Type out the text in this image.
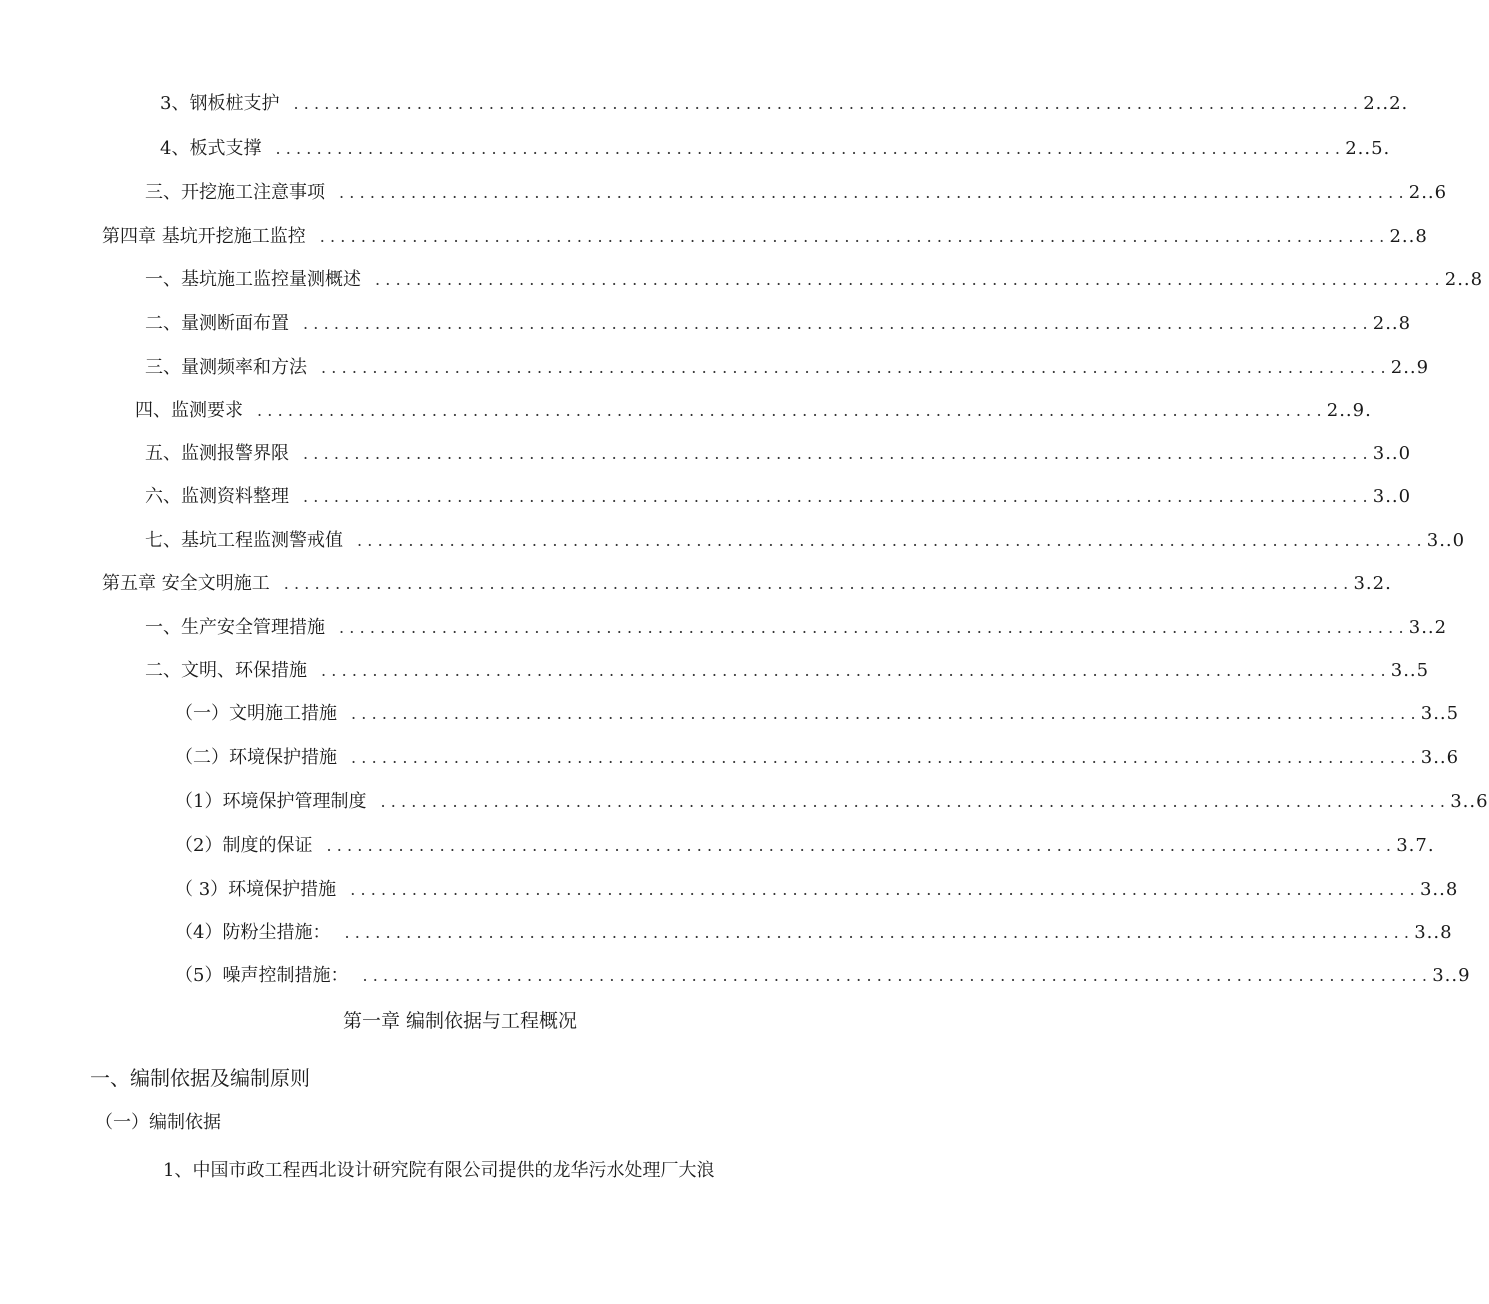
3、钢板桩支护 ........................................................................................................ 2..2.
4、板式支撑 ........................................................................................................ 2..5.
三、开挖施工注意事项 ........................................................................................................ 2..6
第四章 基坑开挖施工监控 ........................................................................................................ 2..8
一、基坑施工监控量测概述 ........................................................................................................ 2..8
二、量测断面布置 ........................................................................................................ 2..8
三、量测频率和方法 ........................................................................................................ 2..9
四、监测要求 ........................................................................................................ 2..9.
五、监测报警界限 ........................................................................................................ 3..0
六、监测资料整理 ........................................................................................................ 3..0
七、基坑工程监测警戒值 ........................................................................................................ 3..0
第五章 安全文明施工 ........................................................................................................ 3.2.
一、生产安全管理措施 ........................................................................................................ 3..2
二、文明、环保措施 ........................................................................................................ 3..5
（一）文明施工措施 ........................................................................................................ 3..5
（二）环境保护措施 ........................................................................................................ 3..6
（1）环境保护管理制度 ........................................................................................................ 3..6
（2）制度的保证 ........................................................................................................ 3.7.
（ 3）环境保护措施 ........................................................................................................ 3..8
（4）防粉尘措施： ........................................................................................................ 3..8
（5）噪声控制措施： ........................................................................................................ 3..9
第一章 编制依据与工程概况
一、编制依据及编制原则
（一）编制依据
1、中国市政工程西北设计研究院有限公司提供的龙华污水处理厂大浪
